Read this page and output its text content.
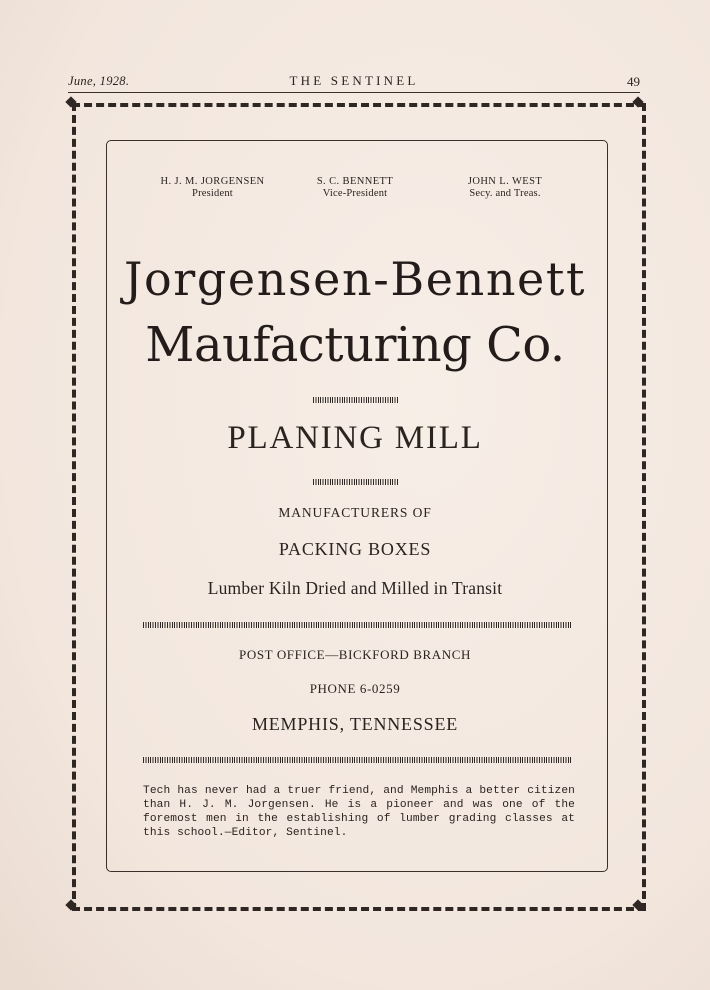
June, 1928.	THE SENTINEL	49
H. J. M. JORGENSEN
President
S. C. BENNETT
Vice-President
JOHN L. WEST
Secy. and Treas.
Jorgensen-Bennett
Maufacturing Co.
PLANING MILL
MANUFACTURERS OF
PACKING BOXES
Lumber Kiln Dried and Milled in Transit
POST OFFICE—BICKFORD BRANCH
PHONE 6-0259
MEMPHIS, TENNESSEE
Tech has never had a truer friend, and Memphis a better citizen than H. J. M. Jorgensen. He is a pioneer and was one of the foremost men in the establishing of lumber grading classes at this school.—Editor, Sentinel.
